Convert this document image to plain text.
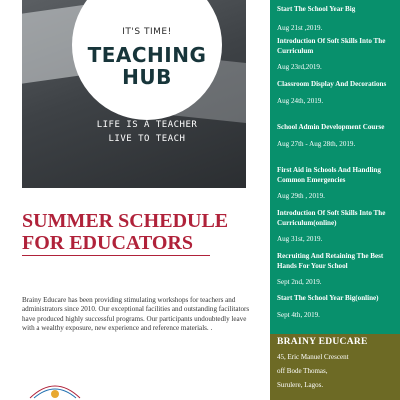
IT'S TIME!
TEACHING
HUB
LIFE IS A TEACHER
LIVE TO TEACH
SUMMER SCHEDULE
FOR EDUCATORS
Brainy Educare has been providing stimulating workshops for teachers and administrators since 2010. Our exceptional facilities and outstanding facilitators have produced highly successful programs. Our participants undoubtedly leave with a wealthy exposure, new experience and reference materials. .
Start The School Year Big
Aug 21st ,2019.
Introduction Of Soft Skills Into The Curriculum
Aug 23rd,2019.
Classroom Display And Decorations
Aug 24th, 2019.
School Admin Development Course
Aug 27th - Aug 28th, 2019.
First Aid in Schools And Handling Common Emergencies
Aug 29th , 2019.
Introduction Of Soft Skills Into The Curriculum(online)
Aug 31st, 2019.
Recruiting And Retaining The Best Hands For Your School
Sept 2nd, 2019.
Start The School Year Big(online)
Sept 4th, 2019.
BRAINY EDUCARE
45, Eric Manuel Crescent
off Bode Thomas,
Surulere, Lagos.
